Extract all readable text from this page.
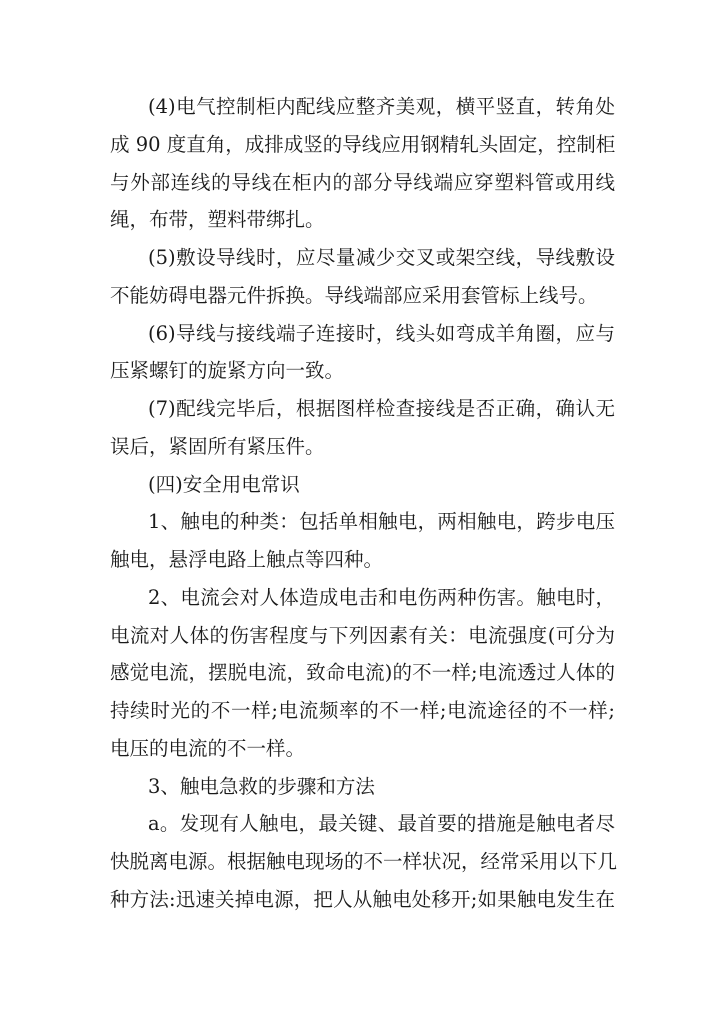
(4)电气控制柜内配线应整齐美观，横平竖直，转角处
成 90 度直角，成排成竖的导线应用钢精轧头固定，控制柜
与外部连线的导线在柜内的部分导线端应穿塑料管或用线
绳，布带，塑料带绑扎。
(5)敷设导线时，应尽量减少交叉或架空线，导线敷设
不能妨碍电器元件拆换。导线端部应采用套管标上线号。
(6)导线与接线端子连接时，线头如弯成羊角圈，应与
压紧螺钉的旋紧方向一致。
(7)配线完毕后，根据图样检查接线是否正确，确认无
误后，紧固所有紧压件。
(四)安全用电常识
1、触电的种类：包括单相触电，两相触电，跨步电压
触电，悬浮电路上触点等四种。
2、电流会对人体造成电击和电伤两种伤害。触电时，
电流对人体的伤害程度与下列因素有关：电流强度(可分为
感觉电流，摆脱电流，致命电流)的不一样;电流透过人体的
持续时光的不一样;电流频率的不一样;电流途径的不一样;
电压的电流的不一样。
3、触电急救的步骤和方法
a。发现有人触电，最关键、最首要的措施是触电者尽
快脱离电源。根据触电现场的不一样状况，经常采用以下几
种方法:迅速关掉电源，把人从触电处移开;如果触电发生在
